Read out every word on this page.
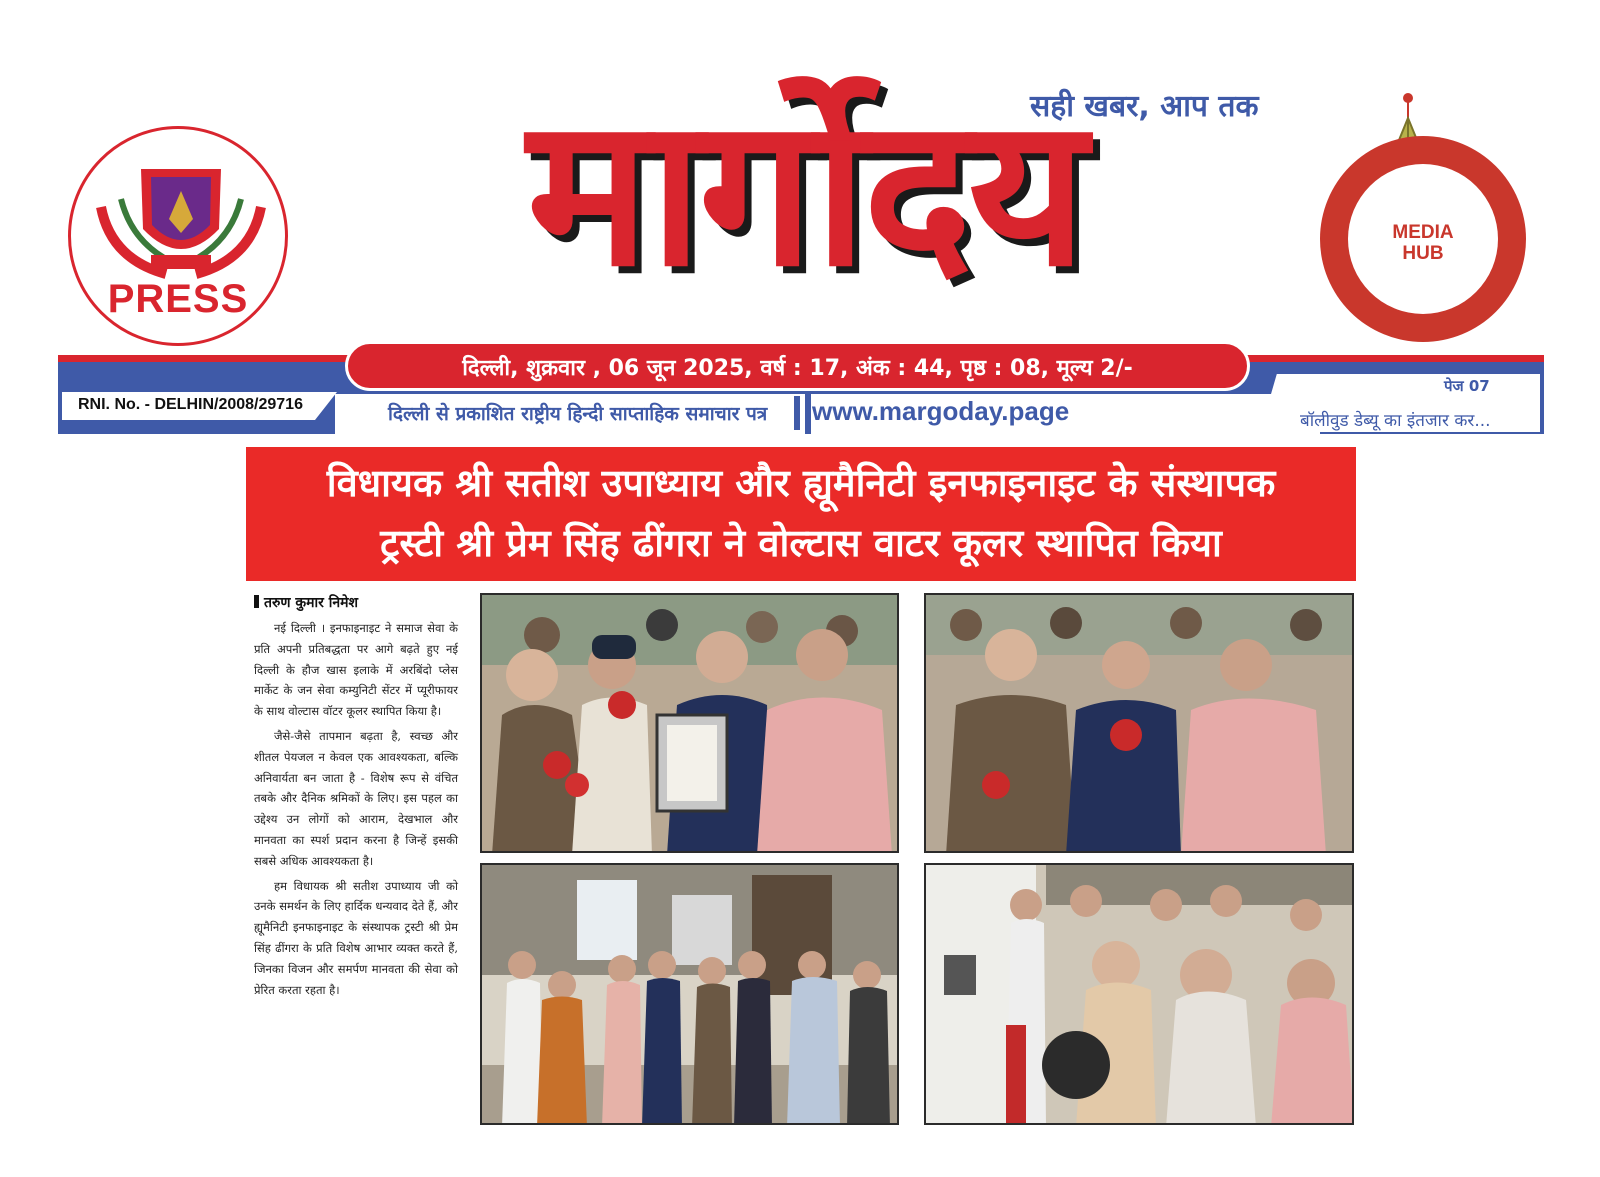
PRESS	मार्गोदय
सही खबर, आप तक
MEDIA
HUB
RNI. No. - DELHIN/2008/29716
पेज 07
बॉलीवुड डेब्यू का इंतजार कर...
दिल्ली, शुक्रवार , 06 जून 2025, वर्ष : 17, अंक : 44, पृष्ठ : 08, मूल्य 2/-
दिल्ली से प्रकाशित राष्ट्रीय हिन्दी साप्ताहिक समाचार पत्र www.margoday.page
विधायक श्री सतीश उपाध्याय और ह्यूमैनिटी इनफाइनाइट के संस्थापक
ट्रस्टी श्री प्रेम सिंह ढींगरा ने वोल्टास वाटर कूलर स्थापित किया
तरुण कुमार निमेश

नई दिल्ली । इनफाइनाइट ने समाज सेवा के प्रति अपनी प्रतिबद्धता पर आगे बढ़ते हुए नई दिल्ली के हौज खास इलाके में अरबिंदो प्लेस मार्केट के जन सेवा कम्युनिटी सेंटर में प्यूरीफायर के साथ वोल्टास वॉटर कूलर स्थापित किया है।

जैसे-जैसे तापमान बढ़ता है, स्वच्छ और शीतल पेयजल न केवल एक आवश्यकता, बल्कि अनिवार्यता बन जाता है - विशेष रूप से वंचित तबके और दैनिक श्रमिकों के लिए। इस पहल का उद्देश्य उन लोगों को आराम, देखभाल और मानवता का स्पर्श प्रदान करना है जिन्हें इसकी सबसे अधिक आवश्यकता है।

हम विधायक श्री सतीश उपाध्याय जी को उनके समर्थन के लिए हार्दिक धन्यवाद देते हैं, और ह्यूमैनिटी इनफाइनाइट के संस्थापक ट्रस्टी श्री प्रेम सिंह ढींगरा के प्रति विशेष आभार व्यक्त करते हैं, जिनका विजन और समर्पण मानवता की सेवा को प्रेरित करता रहता है।
